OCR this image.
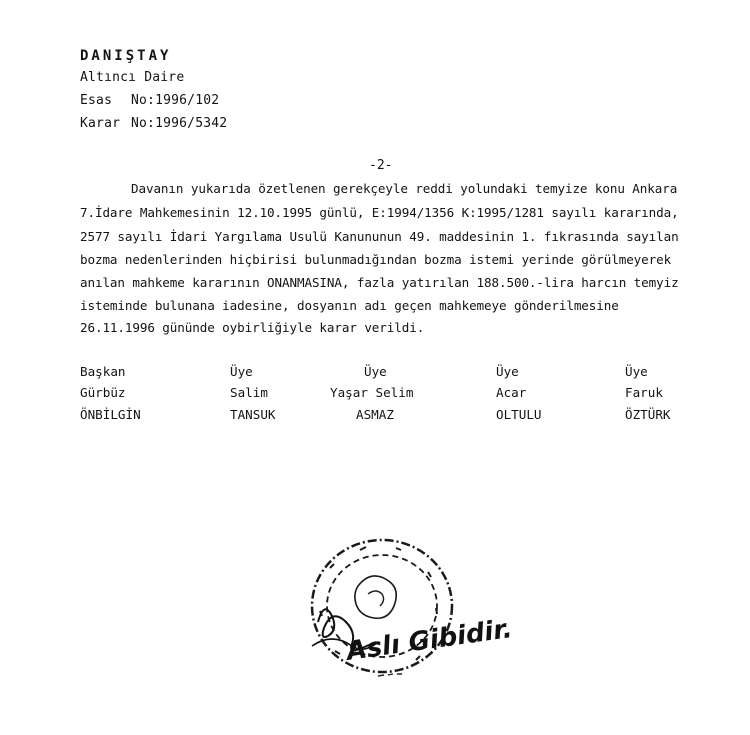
DANIŞTAY
Altıncı Daire
Esas No:1996/102
Karar No:1996/5342
-2-
Davanın yukarıda özetlenen gerekçeyle reddi yolundaki temyize konu Ankara
7.İdare Mahkemesinin 12.10.1995 günlü, E:1994/1356 K:1995/1281 sayılı kararında,
2577 sayılı İdari Yargılama Usulü Kanununun 49. maddesinin 1. fıkrasında sayılan
bozma nedenlerinden hiçbirisi bulunmadığından bozma istemi yerinde görülmeyerek
anılan mahkeme kararının ONANMASINA, fazla yatırılan 188.500.-lira harcın temyiz
isteminde bulunana iadesine, dosyanın adı geçen mahkemeye gönderilmesine
26.11.1996 gününde oybirliğiyle karar verildi.
Başkan
Gürbüz
ÖNBİLGİN
Üye
Salim
TANSUK
Üye
Yaşar Selim
ASMAZ
Üye
Acar
OLTULU
Üye
Faruk
ÖZTÜRK
Aslı Gibidir.
